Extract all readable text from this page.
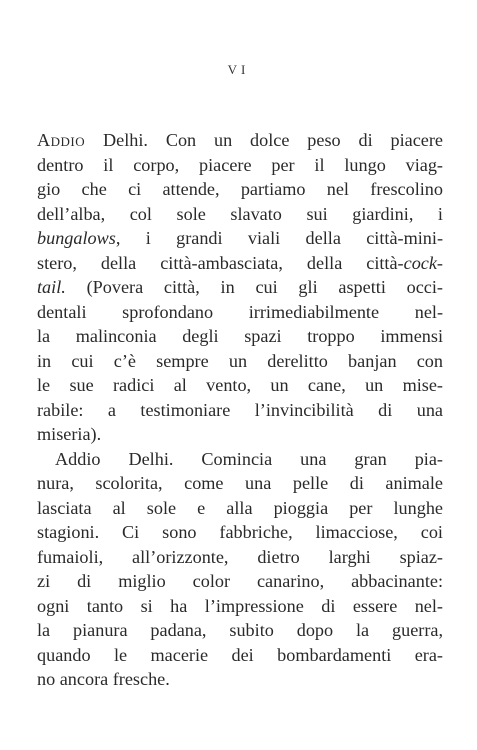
VI
Addio Delhi. Con un dolce peso di piacere
dentro il corpo, piacere per il lungo viag-
gio che ci attende, partiamo nel frescolino
dell’alba, col sole slavato sui giardini, i
bungalows, i grandi viali della città-mini-
stero, della città-ambasciata, della città-cock-
tail. (Povera città, in cui gli aspetti occi-
dentali sprofondano irrimediabilmente nel-
la malinconia degli spazi troppo immensi
in cui c’è sempre un derelitto banjan con
le sue radici al vento, un cane, un mise-
rabile: a testimoniare l’invincibilità di una
miseria).
Addio Delhi. Comincia una gran pia-
nura, scolorita, come una pelle di animale
lasciata al sole e alla pioggia per lunghe
stagioni. Ci sono fabbriche, limacciose, coi
fumaioli, all’orizzonte, dietro larghi spiaz-
zi di miglio color canarino, abbacinante:
ogni tanto si ha l’impressione di essere nel-
la pianura padana, subito dopo la guerra,
quando le macerie dei bombardamenti era-
no ancora fresche.
